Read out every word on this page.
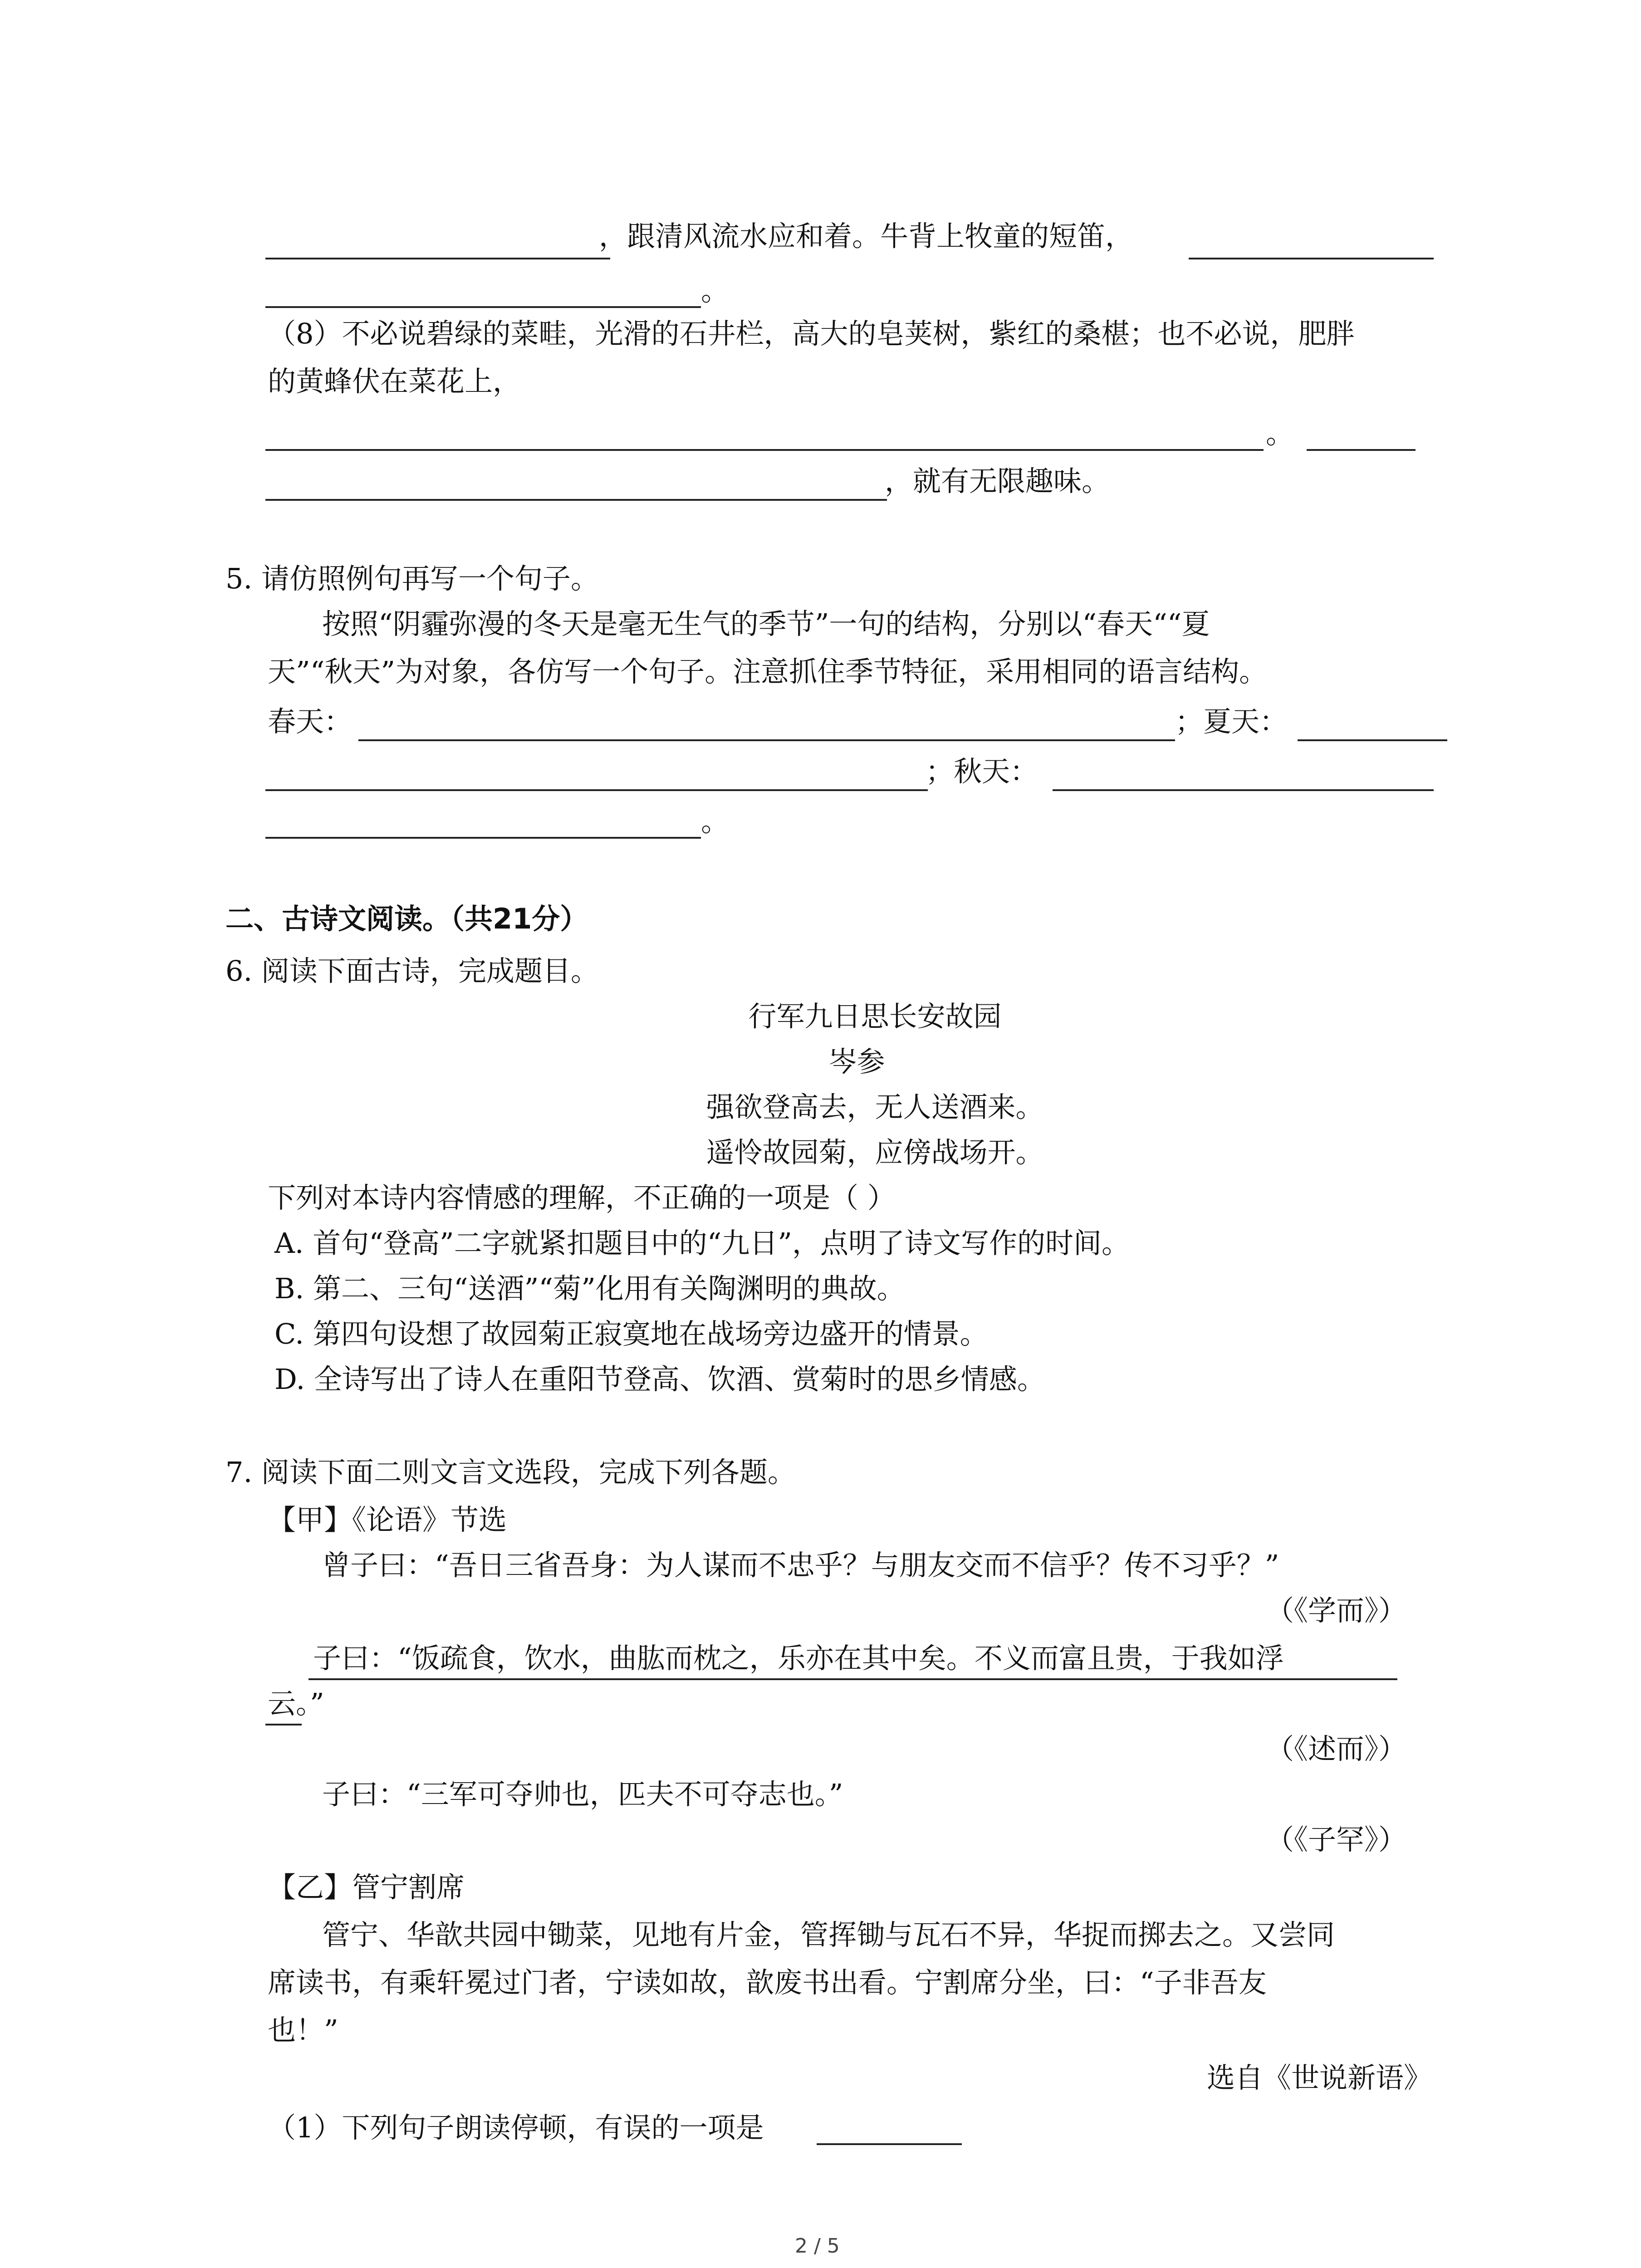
，跟清风流水应和着。牛背上牧童的短笛，
。
（8）不必说碧绿的菜畦，光滑的石井栏，高大的皂荚树，紫红的桑椹；也不必说，肥胖
的黄蜂伏在菜花上，
。
，就有无限趣味。
5. 请仿照例句再写一个句子。
按照“阴霾弥漫的冬天是毫无生气的季节”一句的结构，分别以“春天““夏
天”“秋天”为对象，各仿写一个句子。注意抓住季节特征，采用相同的语言结构。
春天：	；夏天：
；秋天：
。
二、古诗文阅读。（共21分）
6. 阅读下面古诗，完成题目。
行军九日思长安故园
岑参
强欲登高去，无人送酒来。
遥怜故园菊，应傍战场开。
下列对本诗内容情感的理解，不正确的一项是（ ）
A. 首句“登高”二字就紧扣题目中的“九日”，点明了诗文写作的时间。
B. 第二、三句“送酒”“菊”化用有关陶渊明的典故。
C. 第四句设想了故园菊正寂寞地在战场旁边盛开的情景。
D. 全诗写出了诗人在重阳节登高、饮酒、赏菊时的思乡情感。
7. 阅读下面二则文言文选段，完成下列各题。
【甲】《论语》节选
曾子曰：“吾日三省吾身：为人谋而不忠乎？与朋友交而不信乎？传不习乎？”
（《学而》）
子曰：“饭疏食，饮水，曲肱而枕之，乐亦在其中矣。不义而富且贵，于我如浮
云。”
（《述而》）
子曰：“三军可夺帅也，匹夫不可夺志也。”
（《子罕》）
【乙】管宁割席
管宁、华歆共园中锄菜，见地有片金，管挥锄与瓦石不异，华捉而掷去之。又尝同
席读书，有乘轩冕过门者，宁读如故，歆废书出看。宁割席分坐，曰：“子非吾友
也！”
选自《世说新语》
（1）下列句子朗读停顿，有误的一项是
2 / 5
